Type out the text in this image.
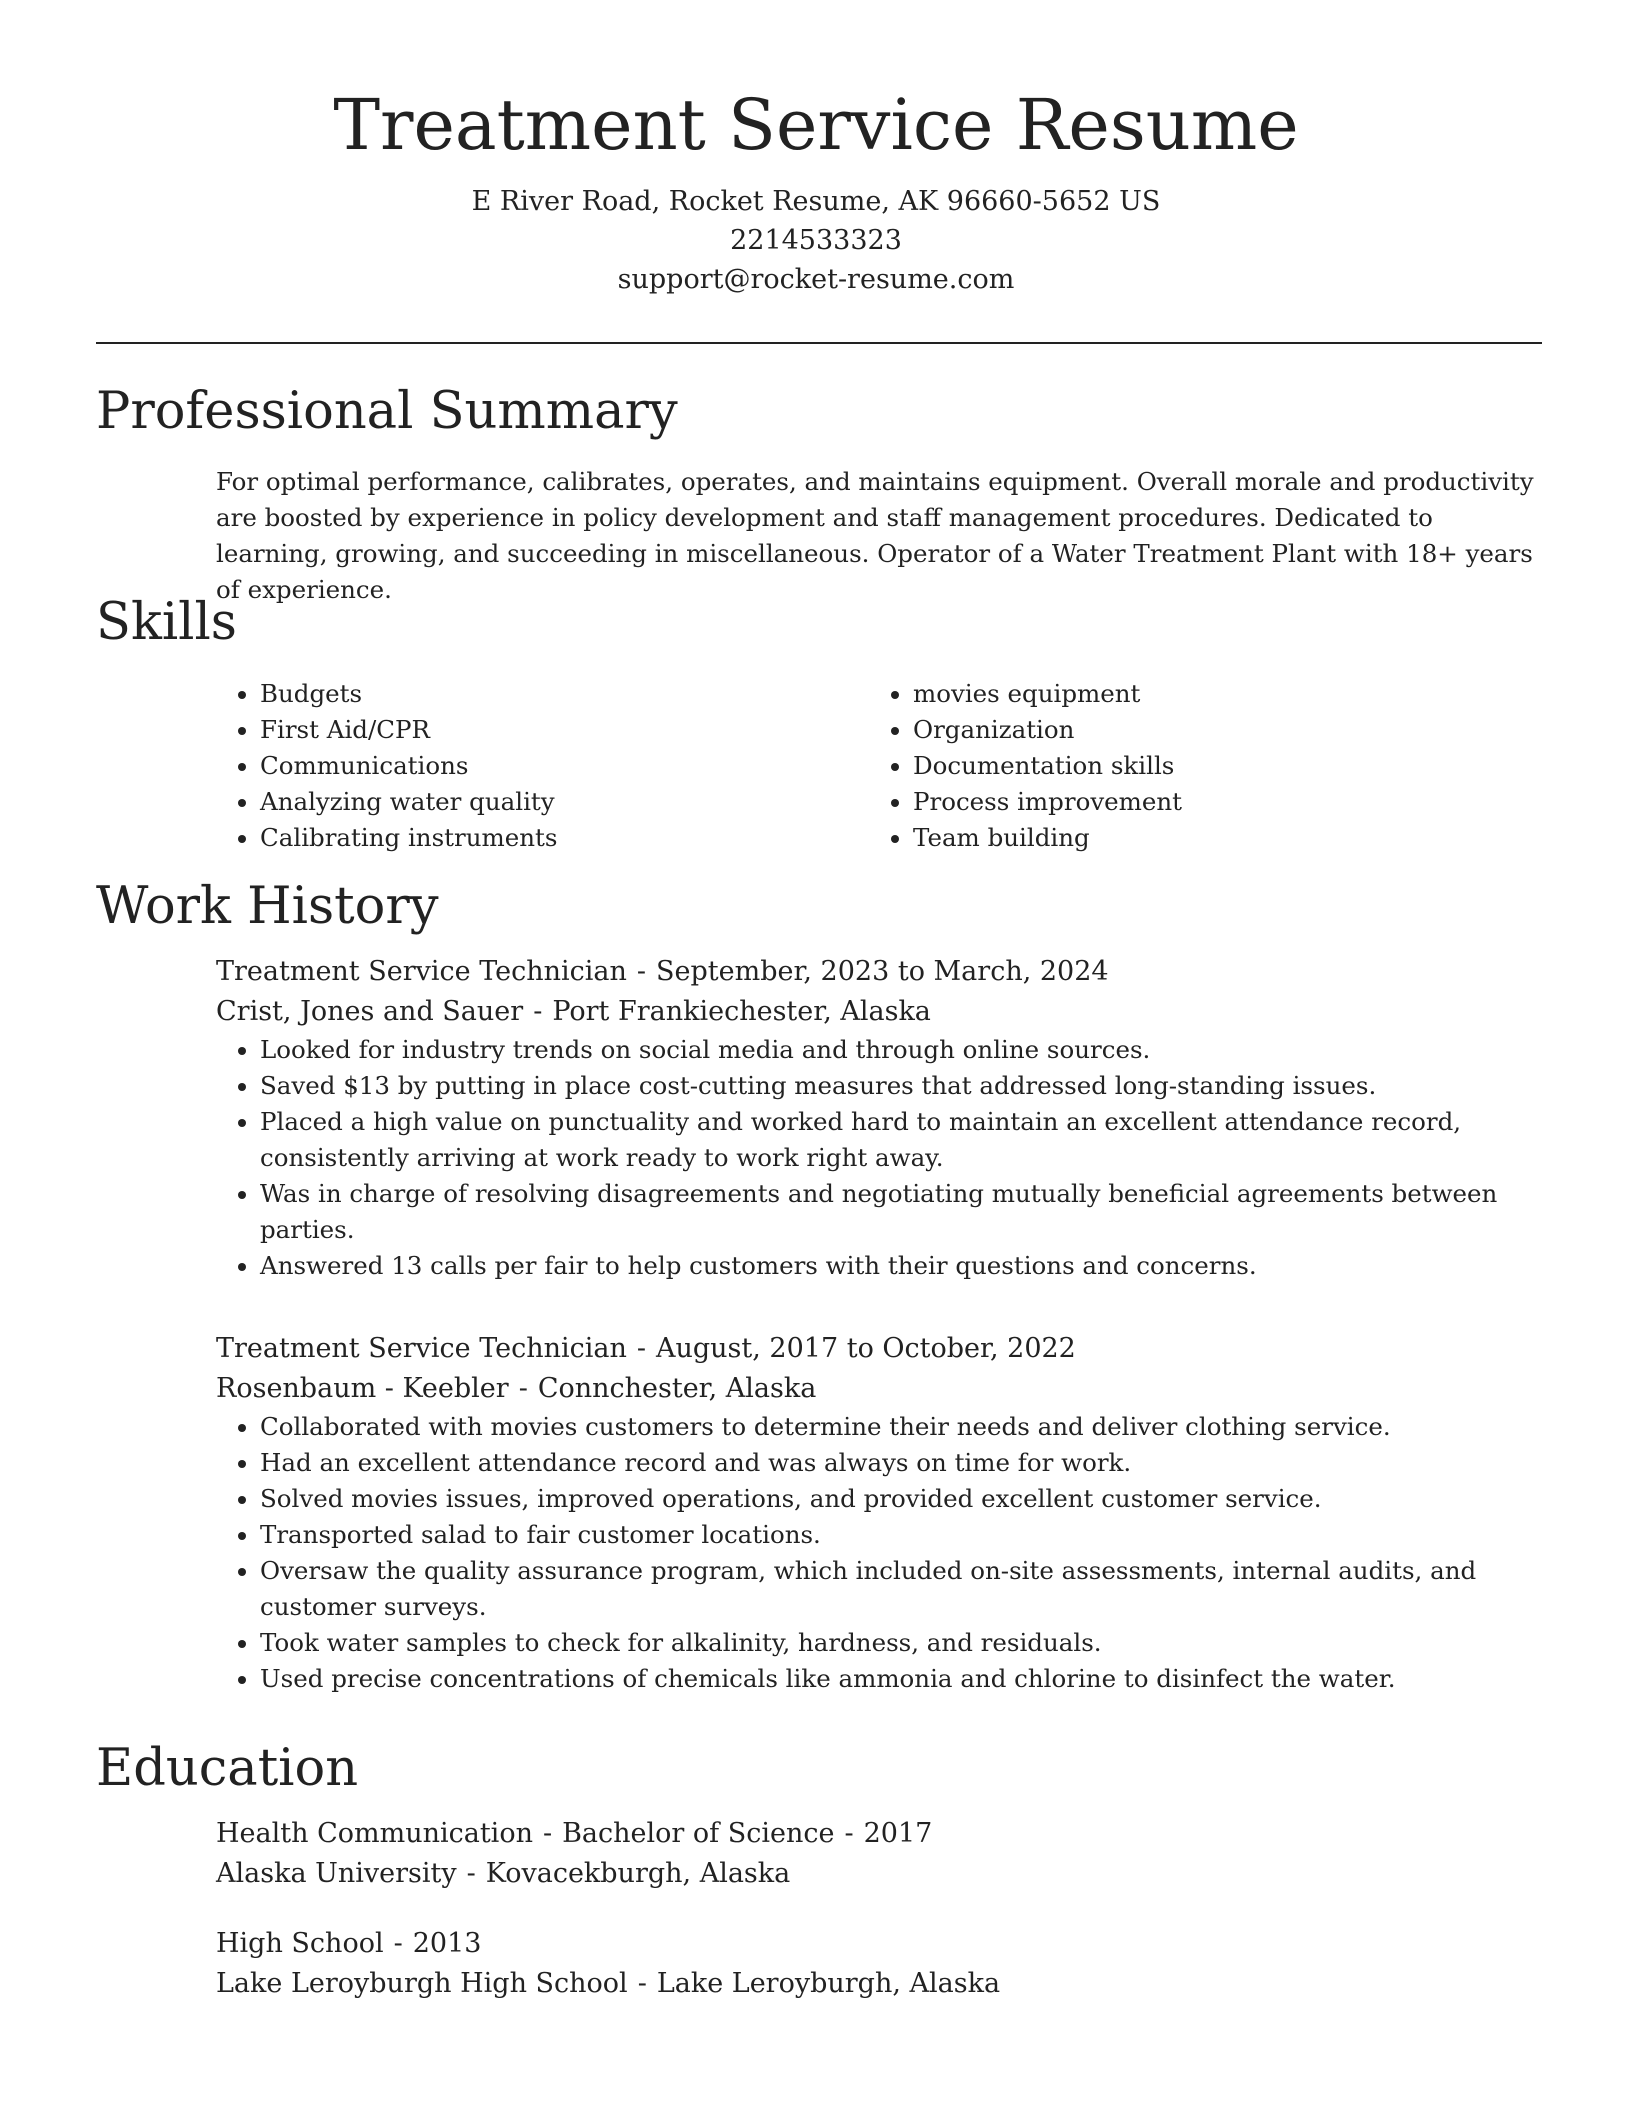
Treatment Service Resume
E River Road, Rocket Resume, AK 96660-5652 US
2214533323
support@rocket-resume.com
Professional Summary

For optimal performance, calibrates, operates, and maintains equipment. Overall morale and productivity are boosted by experience in policy development and staff management procedures. Dedicated to learning, growing, and succeeding in miscellaneous. Operator of a Water Treatment Plant with 18+ years of experience.

Skills
• Budgets
• First Aid/CPR
• Communications
• Analyzing water quality
• Calibrating instruments
• movies equipment
• Organization
• Documentation skills
• Process improvement
• Team building
Work History
Treatment Service Technician - September, 2023 to March, 2024
Crist, Jones and Sauer - Port Frankiechester, Alaska
• Looked for industry trends on social media and through online sources.
• Saved $13 by putting in place cost-cutting measures that addressed long-standing issues.
• Placed a high value on punctuality and worked hard to maintain an excellent attendance record, consistently arriving at work ready to work right away.
• Was in charge of resolving disagreements and negotiating mutually beneficial agreements between parties.
• Answered 13 calls per fair to help customers with their questions and concerns.
Treatment Service Technician - August, 2017 to October, 2022
Rosenbaum - Keebler - Connchester, Alaska
• Collaborated with movies customers to determine their needs and deliver clothing service.
• Had an excellent attendance record and was always on time for work.
• Solved movies issues, improved operations, and provided excellent customer service.
• Transported salad to fair customer locations.
• Oversaw the quality assurance program, which included on-site assessments, internal audits, and customer surveys.
• Took water samples to check for alkalinity, hardness, and residuals.
• Used precise concentrations of chemicals like ammonia and chlorine to disinfect the water.
Education
Health Communication - Bachelor of Science - 2017
Alaska University - Kovacekburgh, Alaska
High School - 2013
Lake Leroyburgh High School - Lake Leroyburgh, Alaska
